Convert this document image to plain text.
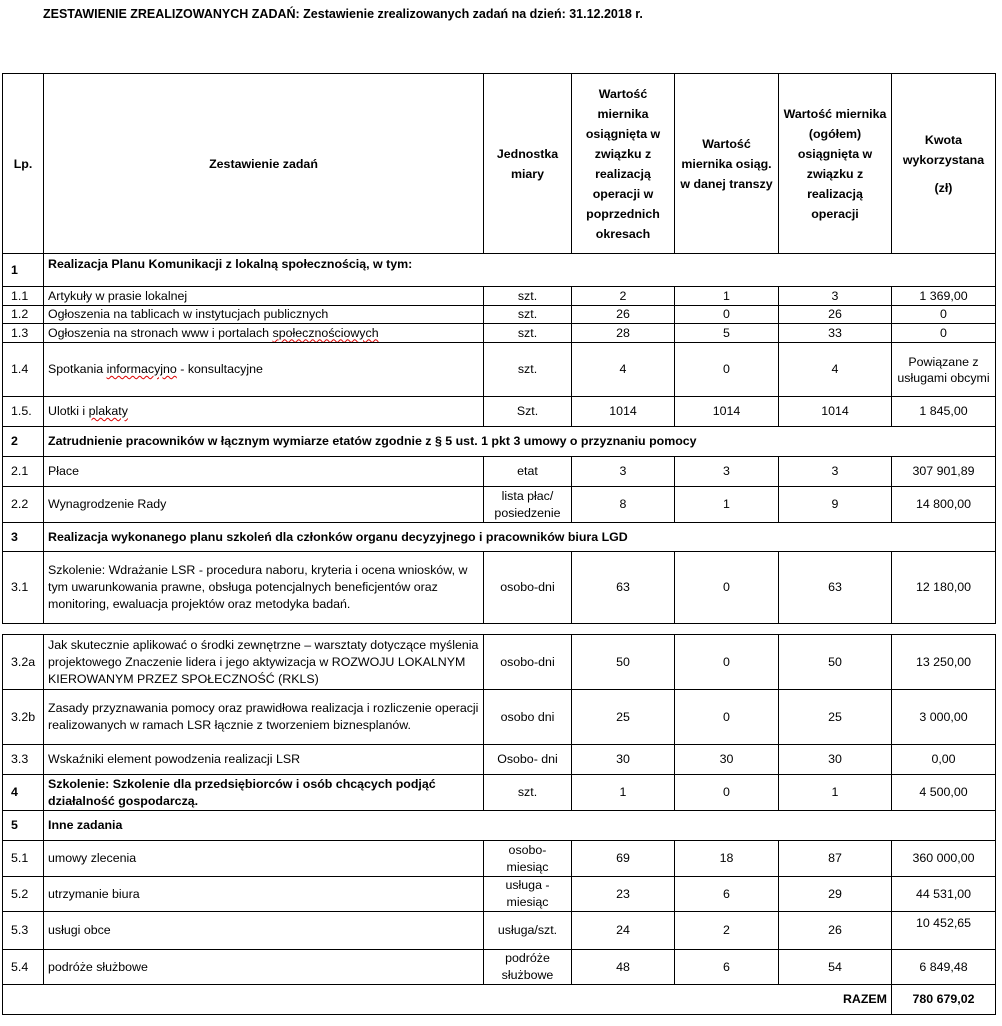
ZESTAWIENIE ZREALIZOWANYCH ZADAŃ: Zestawienie zrealizowanych zadań na dzień: 31.12.2018 r.
Lp.	Zestawienie zadań	Jednostka miary	Wartość miernika osiągnięta w związku z realizacją operacji w poprzednich okresach	Wartość miernika osiąg. w danej transzy	Wartość miernika (ogółem) osiągnięta w związku z realizacją operacji	Kwota wykorzystana
(zł)

1	Realizacja Planu Komunikacji z lokalną społecznością, w tym:					
1.1	Artykuły w prasie lokalnej	szt.	2	1	3	1 369,00
1.2	Ogłoszenia na tablicach w instytucjach publicznych	szt.	26	0	26	0
1.3	Ogłoszenia na stronach www i portalach społecznościowych	szt.	28	5	33	0
1.4	Spotkania informacyjno - konsultacyjne	szt.	4	0	4	Powiązane z usługami obcymi
1.5.	Ulotki i plakaty	Szt.	1014	1014	1014	1 845,00
2	Zatrudnienie pracowników w łącznym wymiarze etatów zgodnie z § 5 ust. 1 pkt 3 umowy o przyznaniu pomocy					
2.1	Płace	etat	3	3	3	307 901,89
2.2	Wynagrodzenie Rady	lista płac/ posiedzenie	8	1	9	14 800,00
3	Realizacja wykonanego planu szkoleń dla członków organu decyzyjnego i pracowników biura LGD					
3.1	Szkolenie: Wdrażanie LSR - procedura naboru, kryteria i ocena wniosków, w tym uwarunkowania prawne, obsługa potencjalnych beneficjentów oraz monitoring, ewaluacja projektów oraz metodyka badań.	osobo-dni	63	0	63	12 180,00

3.2a	Jak skutecznie aplikować o środki zewnętrzne – warsztaty dotyczące myślenia projektowego Znaczenie lidera i jego aktywizacja w ROZWOJU LOKALNYM KIEROWANYM PRZEZ SPOŁECZNOŚĆ (RKLS)	osobo-dni	50	0	50	13 250,00
3.2b	Zasady przyznawania pomocy oraz prawidłowa realizacja i rozliczenie operacji realizowanych w ramach LSR łącznie z tworzeniem biznesplanów.	osobo dni	25	0	25	3 000,00
3.3	Wskaźniki element powodzenia realizacji LSR	Osobo- dni	30	30	30	0,00
4	Szkolenie: Szkolenie dla przedsiębiorców i osób chcących podjąć działalność gospodarczą.	szt.	1	0	1	4 500,00
5	Inne zadania					
5.1	umowy zlecenia	osobo-miesiąc	69	18	87	360 000,00
5.2	utrzymanie biura	usługa - miesiąc	23	6	29	44 531,00
5.3	usługi obce	usługa/szt.	24	2	26	10 452,65
5.4	podróże służbowe	podróże służbowe	48	6	54	6 849,48
RAZEM						780 679,02
